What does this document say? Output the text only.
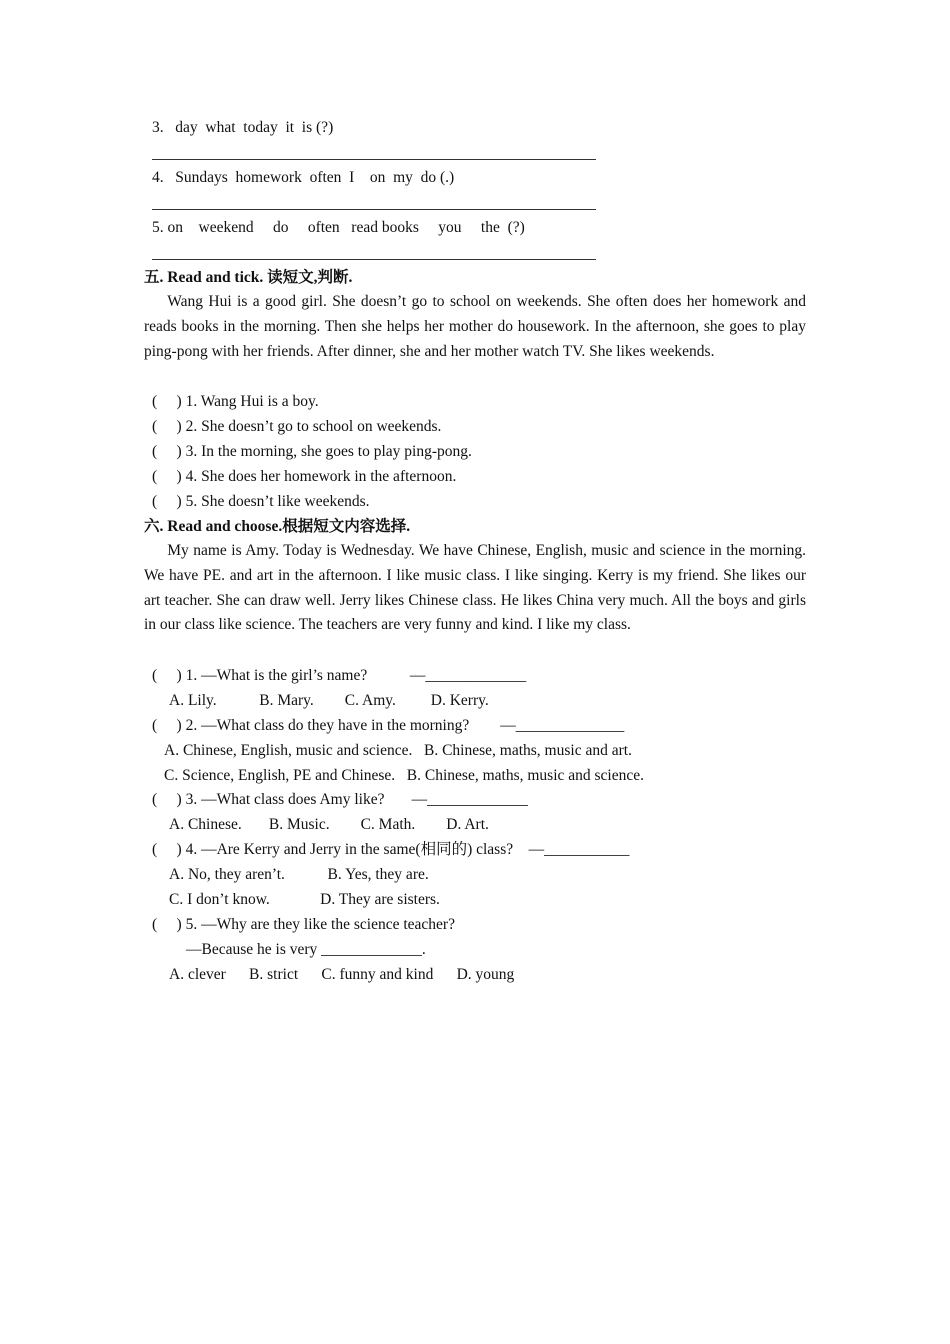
3.   day  what  today  it  is (?)
4.   Sundays  homework  often  I    on  my  do (.)
5. on    weekend     do     often   read books     you     the  (?)
五. Read and tick. 读短文,判断.
Wang Hui is a good girl. She doesn’t go to school on weekends. She often does her homework and reads books in the morning. Then she helps her mother do housework. In the afternoon, she goes to play ping-pong with her friends. After dinner, she and her mother watch TV. She likes weekends.
(     ) 1. Wang Hui is a boy.
(     ) 2. She doesn’t go to school on weekends.
(     ) 3. In the morning, she goes to play ping-pong.
(     ) 4. She does her homework in the afternoon.
(     ) 5. She doesn’t like weekends.
六. Read and choose.根据短文内容选择.
My name is Amy. Today is Wednesday. We have Chinese, English, music and science in the morning. We have PE. and art in the afternoon. I like music class. I like singing. Kerry is my friend. She likes our art teacher. She can draw well. Jerry likes Chinese class. He likes China very much. All the boys and girls in our class like science. The teachers are very funny and kind. I like my class.
(     ) 1. —What is the girl’s name?           —_____________
A. Lily.           B. Mary.        C. Amy.         D. Kerry.
(     ) 2. —What class do they have in the morning?        —______________
A. Chinese, English, music and science.   B. Chinese, maths, music and art.
C. Science, English, PE and Chinese.   B. Chinese, maths, music and science.
(     ) 3. —What class does Amy like?       —_____________
A. Chinese.       B. Music.        C. Math.        D. Art.
(     ) 4. —Are Kerry and Jerry in the same(相同的) class?    —___________
A. No, they aren’t.           B. Yes, they are.
C. I don’t know.             D. They are sisters.
(     ) 5. —Why are they like the science teacher?
—Because he is very _____________.
A. clever      B. strict      C. funny and kind      D. young
